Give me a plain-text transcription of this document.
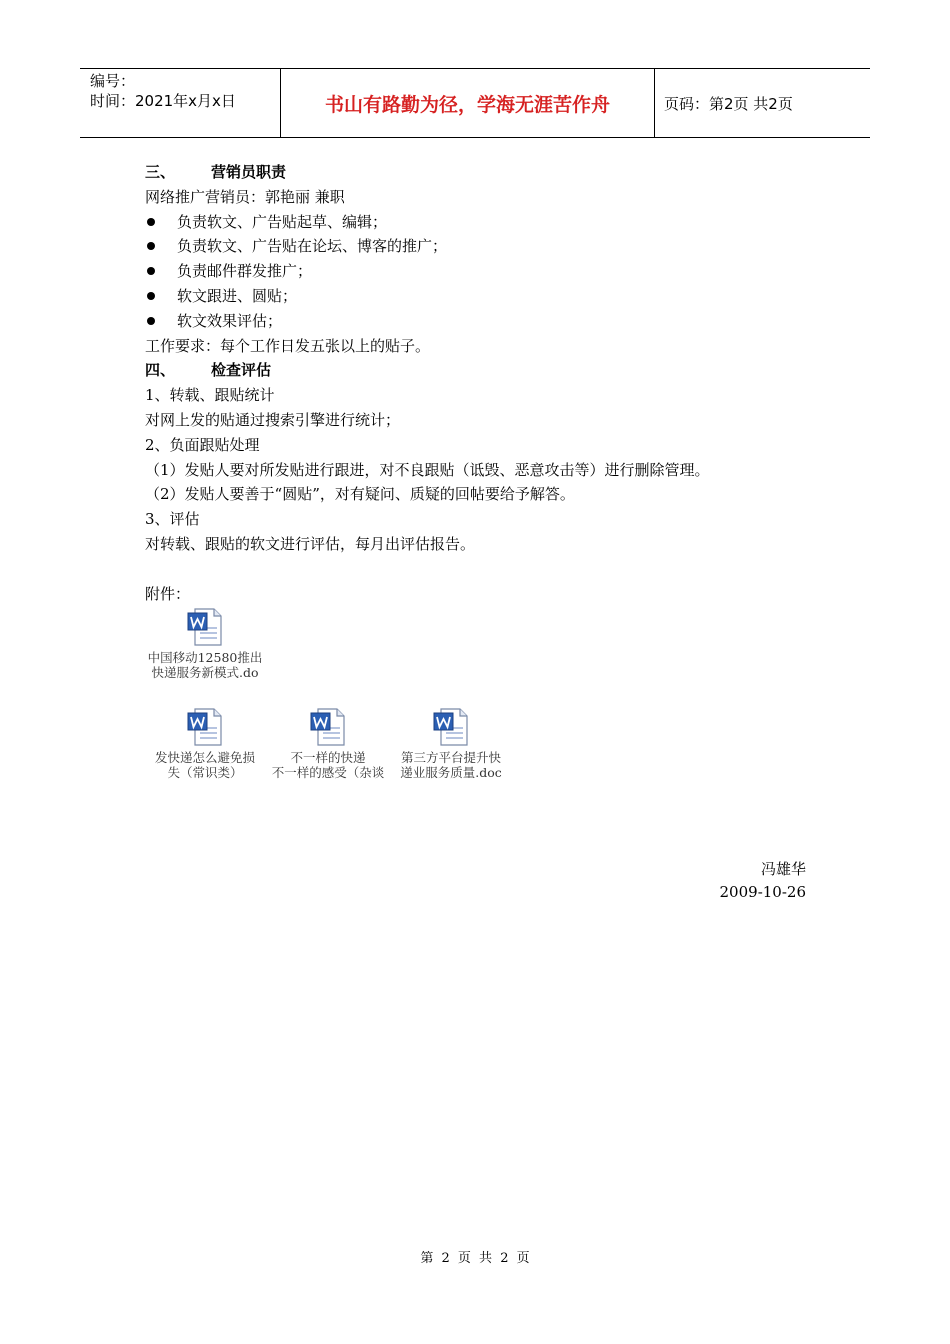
编号：
时间：2021年x月x日	书山有路勤为径，学海无涯苦作舟	页码：第2页 共2页
三、 营销员职责
网络推广营销员：郭艳丽 兼职
负责软文、广告贴起草、编辑；
负责软文、广告贴在论坛、博客的推广；
负责邮件群发推广；
软文跟进、圆贴；
软文效果评估；
工作要求：每个工作日发五张以上的贴子。
四、 检查评估
1、转载、跟贴统计
对网上发的贴通过搜索引擎进行统计；
2、负面跟贴处理
（1）发贴人要对所发贴进行跟进，对不良跟贴（诋毁、恶意攻击等）进行删除管理。
（2）发贴人要善于“圆贴”，对有疑问、质疑的回帖要给予解答。
3、评估
对转载、跟贴的软文进行评估，每月出评估报告。
附件：
中国移动12580推出
快递服务新模式.do
发快递怎么避免损
失（常识类）
不一样的快递
不一样的感受（杂谈
第三方平台提升快
递业服务质量.doc
冯雄华
2009-10-26
第 2 页 共 2 页
